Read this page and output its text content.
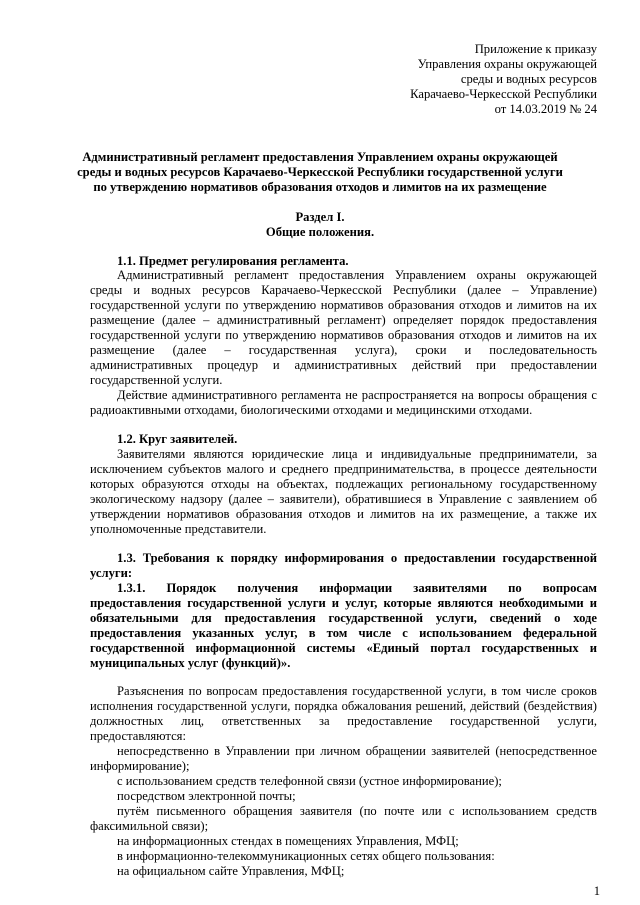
Приложение к приказу
Управления охраны окружающей
среды и водных ресурсов
Карачаево-Черкесской Республики
от 14.03.2019 № 24
Административный регламент предоставления Управлением охраны окружающей
среды и водных ресурсов Карачаево-Черкесской Республики государственной услуги
по утверждению нормативов образования отходов и лимитов на их размещение
Раздел I.
Общие положения.
1.1. Предмет регулирования регламента.
Административный регламент предоставления Управлением охраны окружающей
среды и водных ресурсов Карачаево-Черкесской Республики (далее – Управление)
государственной услуги по утверждению нормативов образования отходов и лимитов на их
размещение (далее – административный регламент) определяет порядок предоставления
государственной услуги по утверждению нормативов образования отходов и лимитов на их
размещение (далее – государственная услуга), сроки и последовательность
административных процедур и административных действий при предоставлении
государственной услуги.
Действие административного регламента не распространяется на вопросы обращения с
радиоактивными отходами, биологическими отходами и медицинскими отходами.
1.2. Круг заявителей.
Заявителями являются юридические лица и индивидуальные предприниматели, за
исключением субъектов малого и среднего предпринимательства, в процессе деятельности
которых образуются отходы на объектах, подлежащих региональному государственному
экологическому надзору (далее – заявители), обратившиеся в Управление с заявлением об
утверждении нормативов образования отходов и лимитов на их размещение, а также их
уполномоченные представители.
1.3. Требования к порядку информирования о предоставлении государственной
услуги:
1.3.1. Порядок получения информации заявителями по вопросам
предоставления государственной услуги и услуг, которые являются необходимыми и
обязательными для предоставления государственной услуги, сведений о ходе
предоставления указанных услуг, в том числе с использованием федеральной
государственной информационной системы «Единый портал государственных и
муниципальных услуг (функций)».
Разъяснения по вопросам предоставления государственной услуги, в том числе сроков
исполнения государственной услуги, порядка обжалования решений, действий (бездействия)
должностных лиц, ответственных за предоставление государственной услуги,
предоставляются:
непосредственно в Управлении при личном обращении заявителей (непосредственное
информирование);
с использованием средств телефонной связи (устное информирование);
посредством электронной почты;
путём письменного обращения заявителя (по почте или с использованием средств
факсимильной связи);
на информационных стендах в помещениях Управления, МФЦ;
в информационно-телекоммуникационных сетях общего пользования:
на официальном сайте Управления, МФЦ;
1
